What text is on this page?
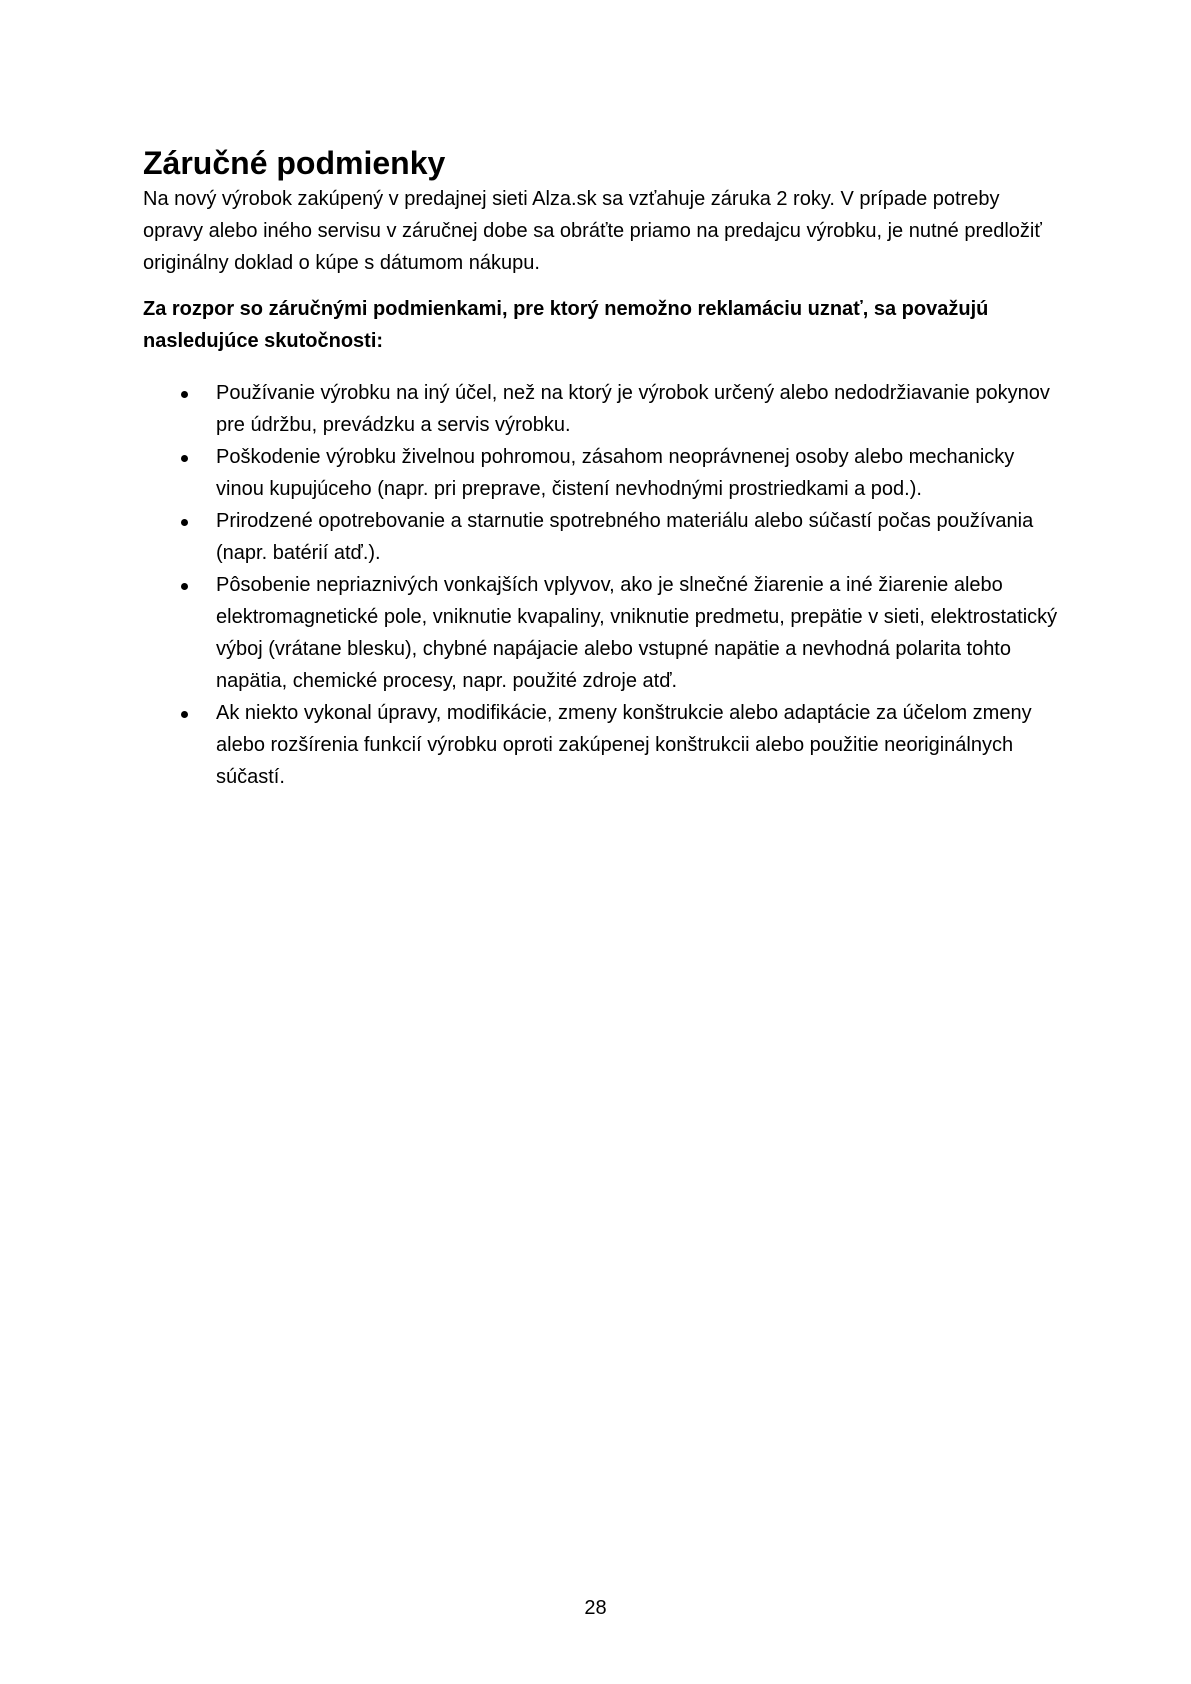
Záručné podmienky

Na nový výrobok zakúpený v predajnej sieti Alza.sk sa vzťahuje záruka 2 roky. V prípade potreby opravy alebo iného servisu v záručnej dobe sa obráťte priamo na predajcu výrobku, je nutné predložiť originálny doklad o kúpe s dátumom nákupu.

Za rozpor so záručnými podmienkami, pre ktorý nemožno reklamáciu uznať, sa považujú nasledujúce skutočnosti:

Používanie výrobku na iný účel, než na ktorý je výrobok určený alebo nedodržiavanie pokynov pre údržbu, prevádzku a servis výrobku.
Poškodenie výrobku živelnou pohromou, zásahom neoprávnenej osoby alebo mechanicky vinou kupujúceho (napr. pri preprave, čistení nevhodnými prostriedkami a pod.).
Prirodzené opotrebovanie a starnutie spotrebného materiálu alebo súčastí počas používania (napr. batérií atď.).
Pôsobenie nepriaznivých vonkajších vplyvov, ako je slnečné žiarenie a iné žiarenie alebo elektromagnetické pole, vniknutie kvapaliny, vniknutie predmetu, prepätie v sieti, elektrostatický výboj (vrátane blesku), chybné napájacie alebo vstupné napätie a nevhodná polarita tohto napätia, chemické procesy, napr. použité zdroje atď.
Ak niekto vykonal úpravy, modifikácie, zmeny konštrukcie alebo adaptácie za účelom zmeny alebo rozšírenia funkcií výrobku oproti zakúpenej konštrukcii alebo použitie neoriginálnych súčastí.
28
